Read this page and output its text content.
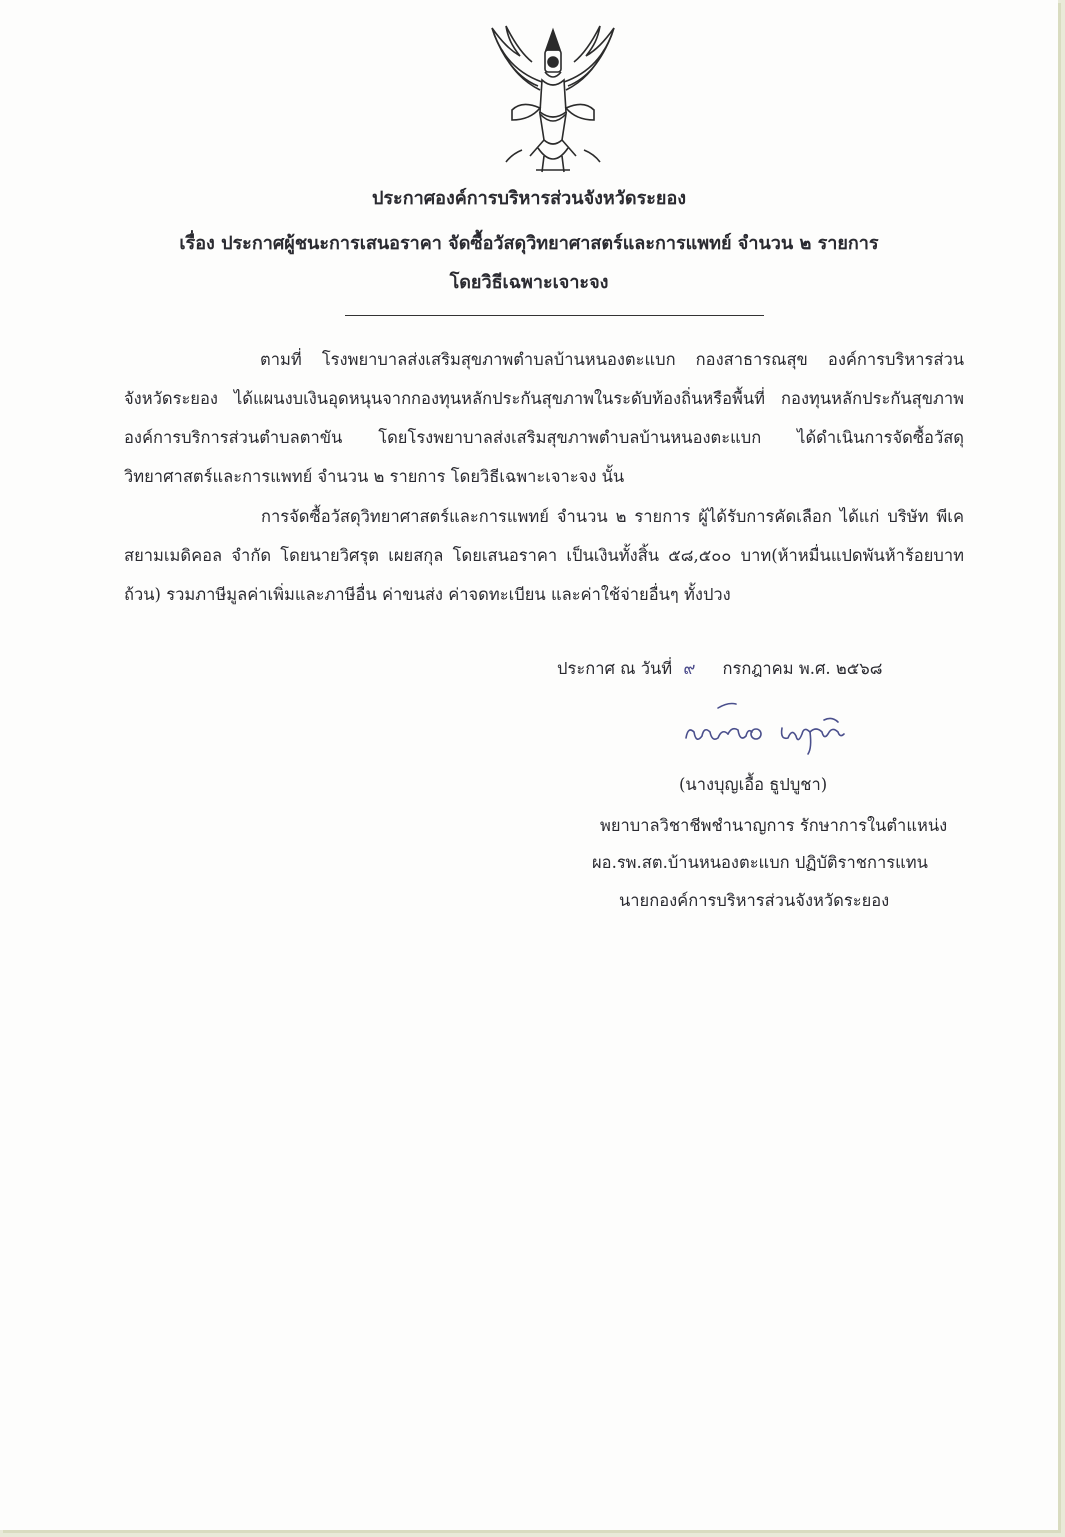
ประกาศองค์การบริหารส่วนจังหวัดระยอง
เรื่อง ประกาศผู้ชนะการเสนอราคา จัดซื้อวัสดุวิทยาศาสตร์และการแพทย์ จำนวน ๒ รายการ
โดยวิธีเฉพาะเจาะจง
ตามที่ โรงพยาบาลส่งเสริมสุขภาพตำบลบ้านหนองตะแบก กองสาธารณสุข องค์การบริหารส่วนจังหวัดระยอง ได้แผนงบเงินอุดหนุนจากกองทุนหลักประกันสุขภาพในระดับท้องถิ่นหรือพื้นที่ กองทุนหลักประกันสุขภาพองค์การบริการส่วนตำบลตาขัน โดยโรงพยาบาลส่งเสริมสุขภาพตำบลบ้านหนองตะแบก ได้ดำเนินการจัดซื้อวัสดุวิทยาศาสตร์และการแพทย์ จำนวน ๒ รายการ โดยวิธีเฉพาะเจาะจง นั้น
การจัดซื้อวัสดุวิทยาศาสตร์และการแพทย์ จำนวน ๒ รายการ ผู้ได้รับการคัดเลือก ได้แก่ บริษัท พีเค สยามเมดิคอล จำกัด โดยนายวิศรุต เผยสกุล โดยเสนอราคา เป็นเงินทั้งสิ้น ๕๘,๕๐๐ บาท(ห้าหมื่นแปดพันห้าร้อยบาทถ้วน) รวมภาษีมูลค่าเพิ่มและภาษีอื่น ค่าขนส่ง ค่าจดทะเบียน และค่าใช้จ่ายอื่นๆ ทั้งปวง
ประกาศ ณ วันที่ ๙ กรกฎาคม พ.ศ. ๒๕๖๘
(นางบุญเอื้อ ธูปบูชา)
พยาบาลวิชาชีพชำนาญการ รักษาการในตำแหน่ง
ผอ.รพ.สต.บ้านหนองตะแบก ปฏิบัติราชการแทน
นายกองค์การบริหารส่วนจังหวัดระยอง
